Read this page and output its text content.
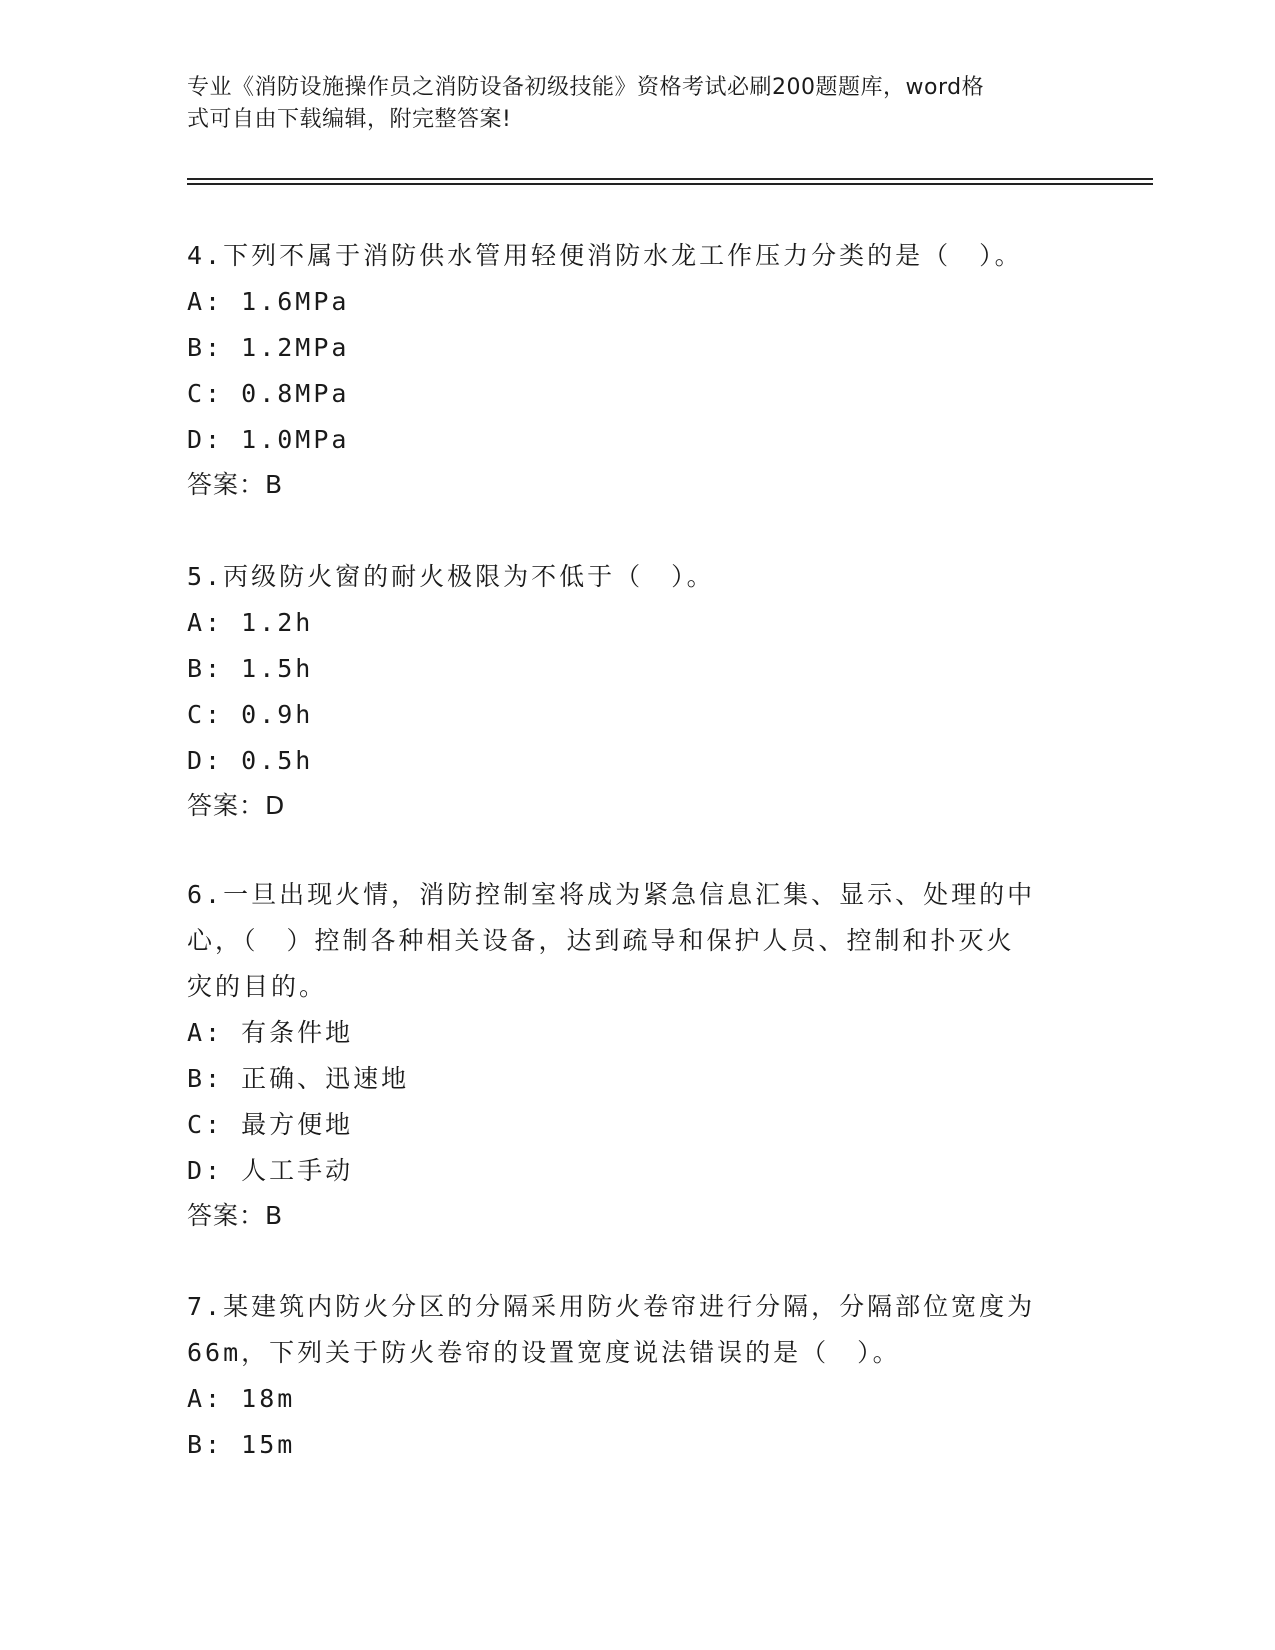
专业《消防设施操作员之消防设备初级技能》资格考试必刷200题题库，word格
式可自由下载编辑，附完整答案!

4.下列不属于消防供水管用轻便消防水龙工作压力分类的是（　）。

A: 1.6MPa

B: 1.2MPa

C: 0.8MPa

D: 1.0MPa

答案：B

5.丙级防火窗的耐火极限为不低于（　）。

A: 1.2h

B: 1.5h

C: 0.9h

D: 0.5h

答案：D

6.一旦出现火情，消防控制室将成为紧急信息汇集、显示、处理的中

心，（　）控制各种相关设备，达到疏导和保护人员、控制和扑灭火

灾的目的。

A: 有条件地

B: 正确、迅速地

C: 最方便地

D: 人工手动

答案：B

7.某建筑内防火分区的分隔采用防火卷帘进行分隔，分隔部位宽度为

66m，下列关于防火卷帘的设置宽度说法错误的是（　）。

A: 18m

B: 15m
